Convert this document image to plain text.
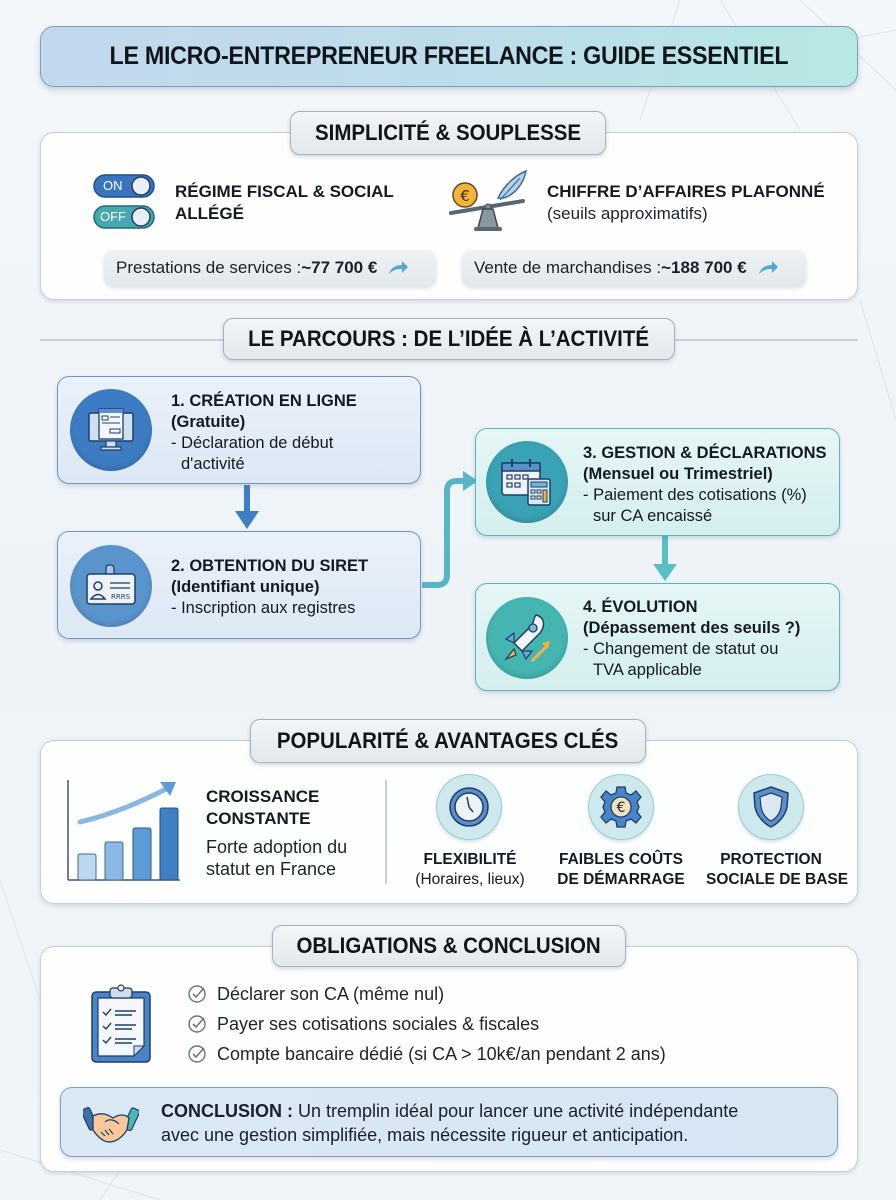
LE MICRO-ENTREPRENEUR FREELANCE : GUIDE ESSENTIEL
SIMPLICITÉ & SOUPLESSE
ON
OFF
RÉGIME FISCAL & SOCIAL
ALLÉGÉ
€	CHIFFRE D’AFFAIRES PLAFONNÉ
(seuils approximatifs)
Prestations de services : ~77 700 €	Vente de marchandises : ~188 700 €
LE PARCOURS : DE L’IDÉE À L’ACTIVITÉ
1. CRÉATION EN LIGNE
(Gratuite)
- Déclaration de début
d'activité
RRRS
2. OBTENTION DU SIRET
(Identifiant unique)
- Inscription aux registres
3. GESTION & DÉCLARATIONS
(Mensuel ou Trimestriel)
- Paiement des cotisations (%)
sur CA encaissé
4. ÉVOLUTION
(Dépassement des seuils ?)
- Changement de statut ou
TVA applicable
POPULARITÉ & AVANTAGES CLÉS
CROISSANCE
CONSTANTE
Forte adoption du
statut en France	FLEXIBILITÉ
(Horaires, lieux)
€
FAIBLES COÛTS
DE DÉMARRAGE
PROTECTION
SOCIALE DE BASE
OBLIGATIONS & CONCLUSION
Déclarer son CA (même nul)
Payer ses cotisations sociales & fiscales
Compte bancaire dédié (si CA > 10k€/an pendant 2 ans)
CONCLUSION : Un tremplin idéal pour lancer une activité indépendante
avec une gestion simplifiée, mais nécessite rigueur et anticipation.
